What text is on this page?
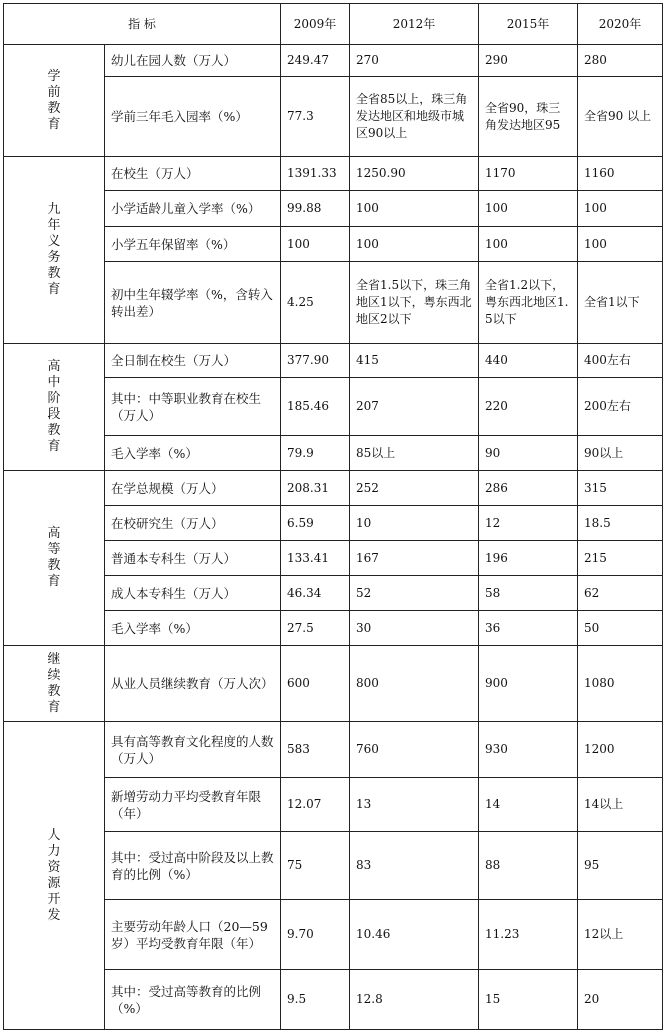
指 标		2009年	2012年	2015年	2020年
学前教育	幼儿在园人数（万人）	249.47	270	290	280
	学前三年毛入园率（%）	77.3	全省85以上，珠三角发达地区和地级市城区90以上	全省90，珠三角发达地区95	全省90 以上
九年义务教育	在校生（万人）	1391.33	1250.90	1170	1160
	小学适龄儿童入学率（%）	99.88	100	100	100
	小学五年保留率（%）	100	100	100	100
	初中生年辍学率（%，含转入转出差）	4.25	全省1.5以下，珠三角地区1以下，粤东西北地区2以下	全省1.2以下，粤东西北地区1.5以下	全省1以下
高中阶段教育	全日制在校生（万人）	377.90	415	440	400左右
	其中：中等职业教育在校生（万人）	185.46	207	220	200左右
	毛入学率（%）	79.9	85以上	90	90以上
高等教育	在学总规模（万人）	208.31	252	286	315
	在校研究生（万人）	6.59	10	12	18.5
	普通本专科生（万人）	133.41	167	196	215
	成人本专科生（万人）	46.34	52	58	62
	毛入学率（%）	27.5	30	36	50
继续教育	从业人员继续教育（万人次）	600	800	900	1080
人力资源开发	具有高等教育文化程度的人数（万人）	583	760	930	1200
	新增劳动力平均受教育年限（年）	12.07	13	14	14以上
	其中：受过高中阶段及以上教育的比例（%）	75	83	88	95
	主要劳动年龄人口（20—59岁）平均受教育年限（年）	9.70	10.46	11.23	12以上
	其中：受过高等教育的比例（%）	9.5	12.8	15	20
